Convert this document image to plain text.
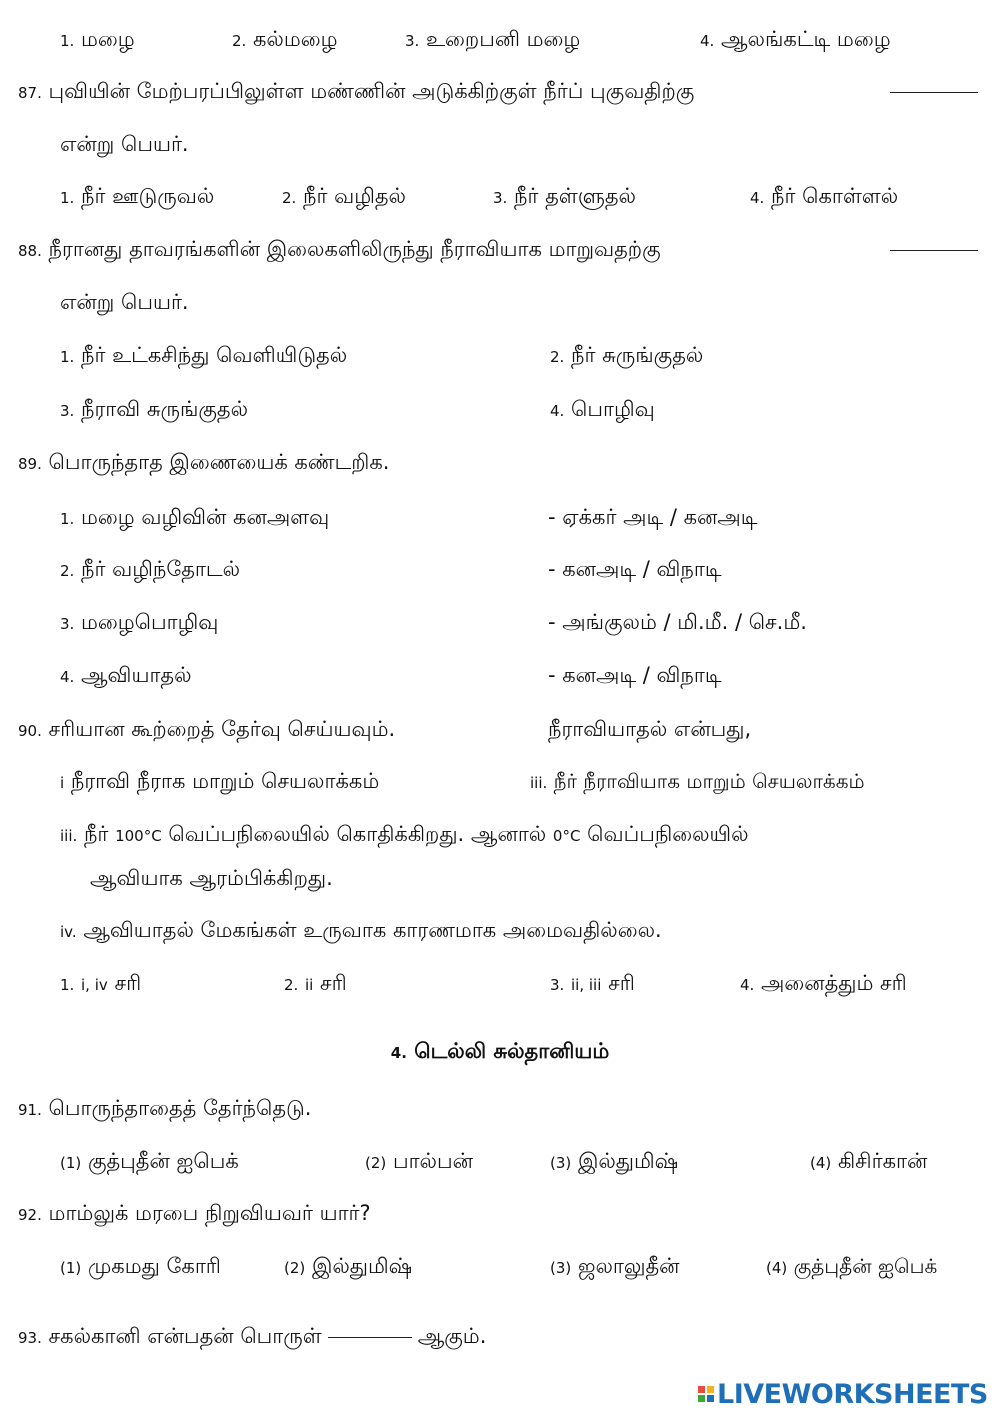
1. மழை	2. கல்மழை	3. உறைபனி மழை	4. ஆலங்கட்டி மழை
87. புவியின் மேற்பரப்பிலுள்ள மண்ணின் அடுக்கிற்குள் நீர்ப் புகுவதிற்கு
என்று பெயர்.
1. நீர் ஊடுருவல்	2. நீர் வழிதல்	3. நீர் தள்ளுதல்	4. நீர் கொள்ளல்
88. நீரானது தாவரங்களின் இலைகளிலிருந்து நீராவியாக மாறுவதற்கு
என்று பெயர்.
1. நீர் உட்கசிந்து வெளியிடுதல்	2. நீர் சுருங்குதல்
3. நீராவி சுருங்குதல்	4. பொழிவு
89. பொருந்தாத இணையைக் கண்டறிக.
1. மழை வழிவின் கனஅளவு	- ஏக்கர் அடி / கனஅடி
2. நீர் வழிந்தோடல்	- கனஅடி / விநாடி
3. மழைபொழிவு	- அங்குலம் / மி.மீ. / செ.மீ.
4. ஆவியாதல்	- கனஅடி / விநாடி
90. சரியான கூற்றைத் தேர்வு செய்யவும்.	நீராவியாதல் என்பது,
i நீராவி நீராக மாறும் செயலாக்கம்	iii. நீர் நீராவியாக மாறும் செயலாக்கம்
iii. நீர் 100°C வெப்பநிலையில் கொதிக்கிறது. ஆனால் 0°C வெப்பநிலையில்
ஆவியாக ஆரம்பிக்கிறது.
iv. ஆவியாதல் மேகங்கள் உருவாக காரணமாக அமைவதில்லை.
1. i, iv சரி	2. ii சரி	3. ii, iii சரி	4. அனைத்தும் சரி
4. டெல்லி சுல்தானியம்
91. பொருந்தாதைத் தேர்ந்தெடு.
(1) குத்புதீன் ஐபெக்	(2) பால்பன்	(3) இல்துமிஷ்	(4) கிசிர்கான்
92. மாம்லுக் மரபை நிறுவியவர் யார்?
(1) முகமது கோரி	(2) இல்துமிஷ்	(3) ஜலாலுதீன்	(4) குத்புதீன் ஐபெக்
93. சகல்கானி என்பதன் பொருள்	ஆகும்.
LIVEWORKSHEETS
